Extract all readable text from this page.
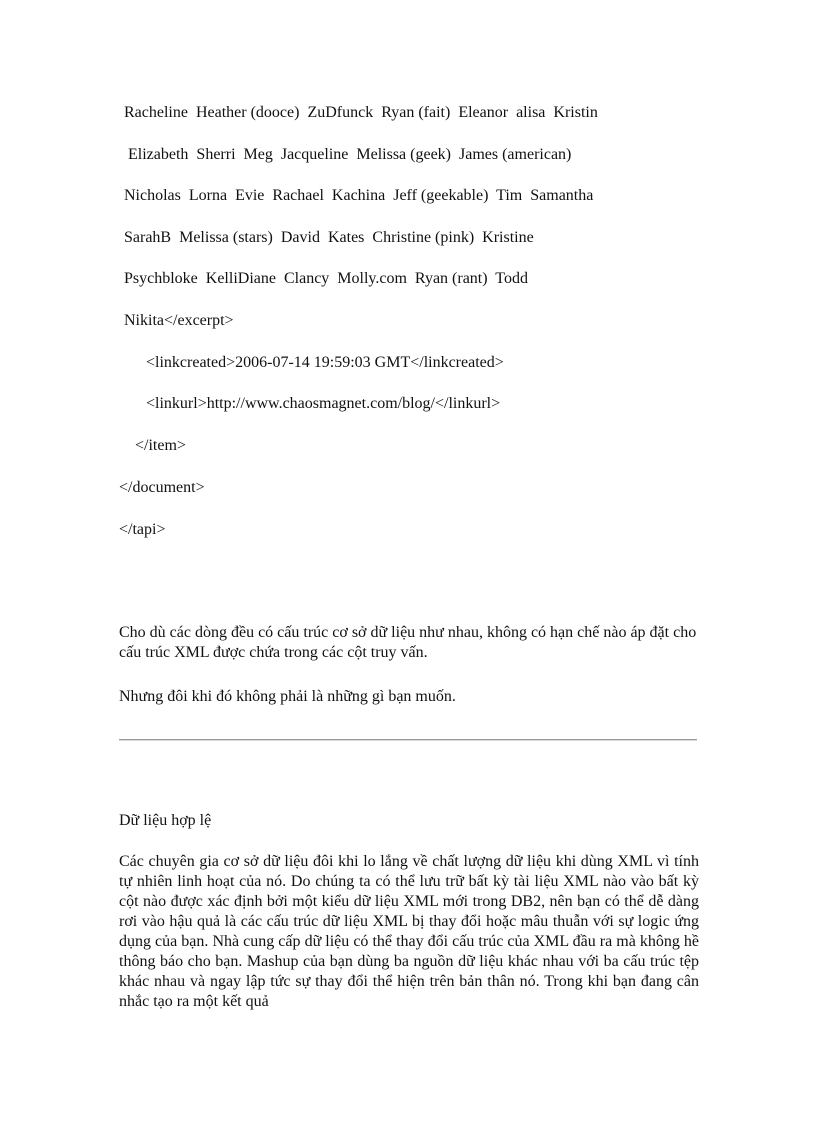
Racheline  Heather (dooce)  ZuDfunck  Ryan (fait)  Eleanor  alisa  Kristin
Elizabeth  Sherri  Meg  Jacqueline  Melissa (geek)  James (american)
Nicholas  Lorna  Evie  Rachael  Kachina  Jeff (geekable)  Tim  Samantha
SarahB  Melissa (stars)  David  Kates  Christine (pink)  Kristine
Psychbloke  KelliDiane  Clancy  Molly.com  Ryan (rant)  Todd
Nikita</excerpt>
<linkcreated>2006-07-14 19:59:03 GMT</linkcreated>
<linkurl>http://www.chaosmagnet.com/blog/</linkurl>
</item>
</document>
</tapi>

Cho dù các dòng đều có cấu trúc cơ sở dữ liệu như nhau, không có hạn chế nào áp đặt cho cấu trúc XML được chứa trong các cột truy vấn.

Nhưng đôi khi đó không phải là những gì bạn muốn.

Dữ liệu hợp lệ

Các chuyên gia cơ sở dữ liệu đôi khi lo lắng về chất lượng dữ liệu khi dùng XML vì tính tự nhiên linh hoạt của nó. Do chúng ta có thể lưu trữ bất kỳ tài liệu XML nào vào bất kỳ cột nào được xác định bởi một kiểu dữ liệu XML mới trong DB2, nên bạn có thể dễ dàng rơi vào hậu quả là các cấu trúc dữ liệu XML bị thay đổi hoặc mâu thuẫn với sự logic ứng dụng của bạn. Nhà cung cấp dữ liệu có thể thay đổi cấu trúc của XML đầu ra mà không hề thông báo cho bạn. Mashup của bạn dùng ba nguồn dữ liệu khác nhau với ba cấu trúc tệp khác nhau và ngay lập tức sự thay đổi thể hiện trên bản thân nó. Trong khi bạn đang cân nhắc tạo ra một kết quả
